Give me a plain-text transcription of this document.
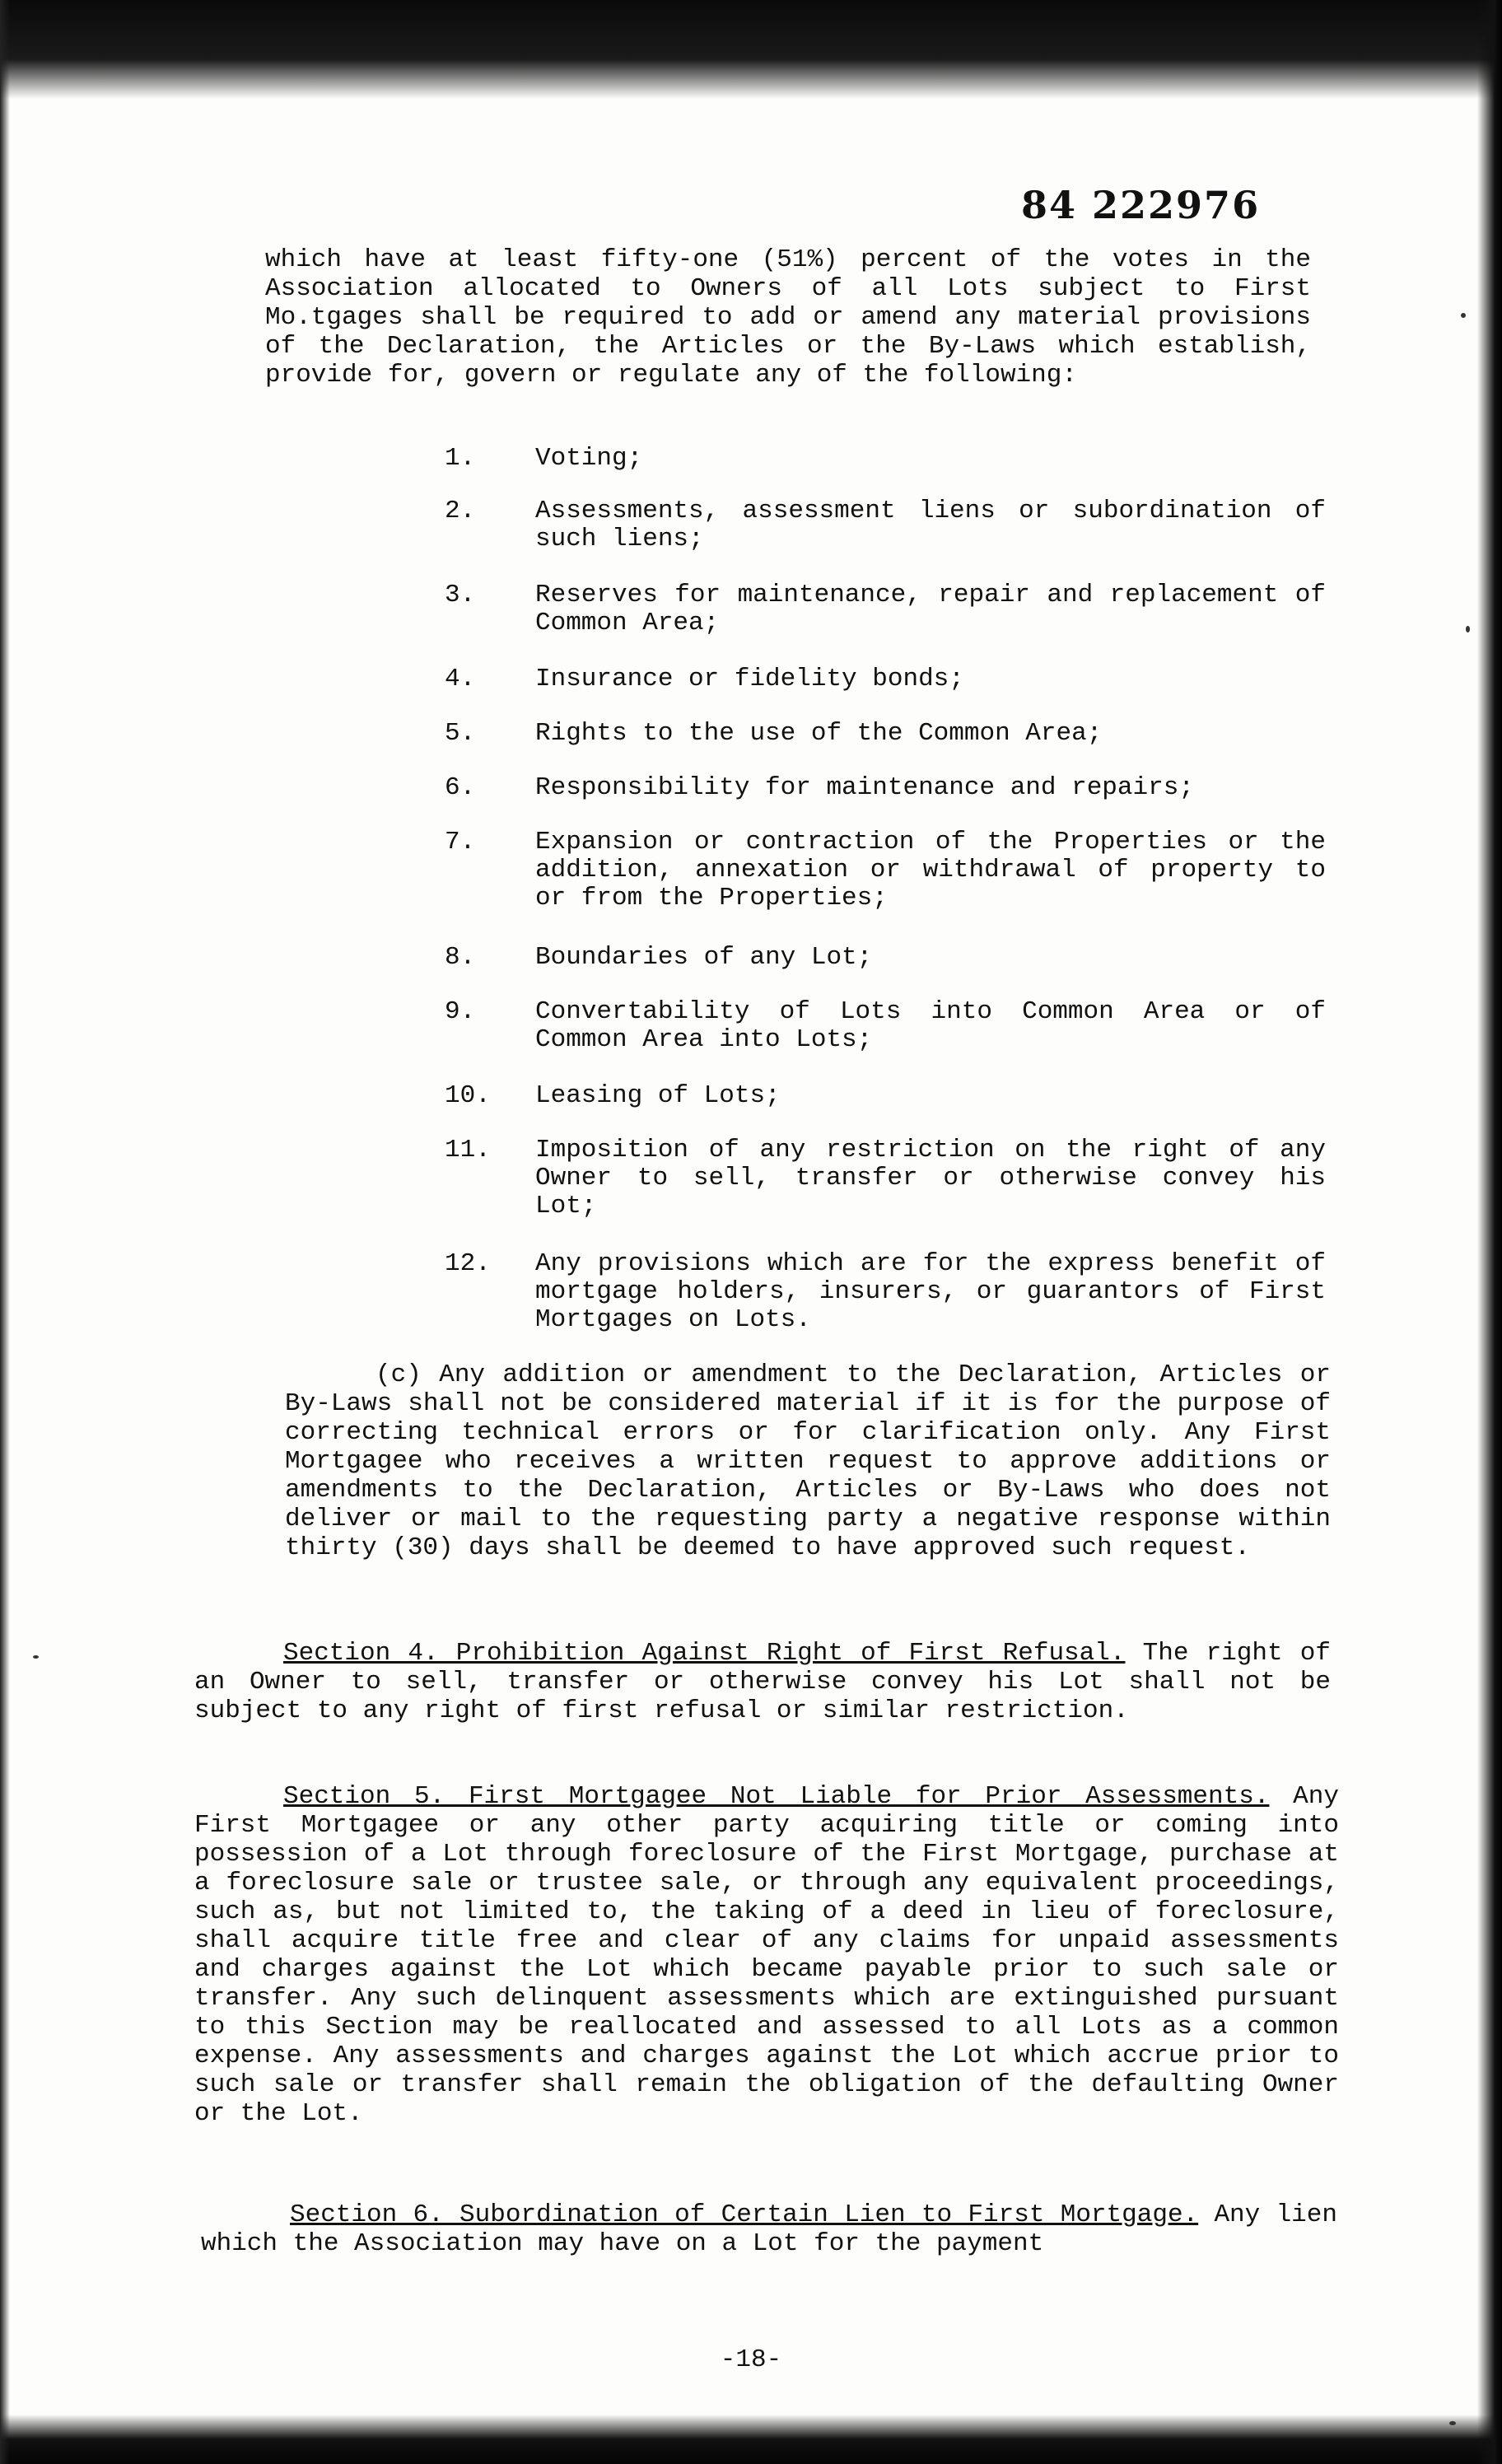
84 222976
which have at least fifty-one (51%) percent of the votes in the Association allocated to Owners of all Lots subject to First Mo.tgages shall be required to add or amend any material provisions of the Declaration, the Articles or the By-Laws which establish, provide for, govern or regulate any of the following:
1.	Voting;
2.	Assessments, assessment liens or subordination of such liens;
3.	Reserves for maintenance, repair and replacement of Common Area;
4.	Insurance or fidelity bonds;
5.	Rights to the use of the Common Area;
6.	Responsibility for maintenance and repairs;
7.	Expansion or contraction of the Properties or the addition, annexation or withdrawal of property to or from the Properties;
8.	Boundaries of any Lot;
9.	Convertability of Lots into Common Area or of Common Area into Lots;
10.	Leasing of Lots;
11.	Imposition of any restriction on the right of any Owner to sell, transfer or otherwise convey his Lot;
12.	Any provisions which are for the express benefit of mortgage holders, insurers, or guarantors of First Mortgages on Lots.
(c) Any addition or amendment to the Declaration, Articles or By-Laws shall not be considered material if it is for the purpose of correcting technical errors or for clarification only. Any First Mortgagee who receives a written request to approve additions or amendments to the Declaration, Articles or By-Laws who does not deliver or mail to the requesting party a negative response within thirty (30) days shall be deemed to have approved such request.
Section 4. Prohibition Against Right of First Refusal. The right of an Owner to sell, transfer or otherwise convey his Lot shall not be subject to any right of first refusal or similar restriction.
Section 5. First Mortgagee Not Liable for Prior Assessments. Any First Mortgagee or any other party acquiring title or coming into possession of a Lot through foreclosure of the First Mortgage, purchase at a foreclosure sale or trustee sale, or through any equivalent proceedings, such as, but not limited to, the taking of a deed in lieu of foreclosure, shall acquire title free and clear of any claims for unpaid assessments and charges against the Lot which became payable prior to such sale or transfer. Any such delinquent assessments which are extinguished pursuant to this Section may be reallocated and assessed to all Lots as a common expense. Any assessments and charges against the Lot which accrue prior to such sale or transfer shall remain the obligation of the defaulting Owner or the Lot.
Section 6. Subordination of Certain Lien to First Mortgage. Any lien which the Association may have on a Lot for the payment
-18-
